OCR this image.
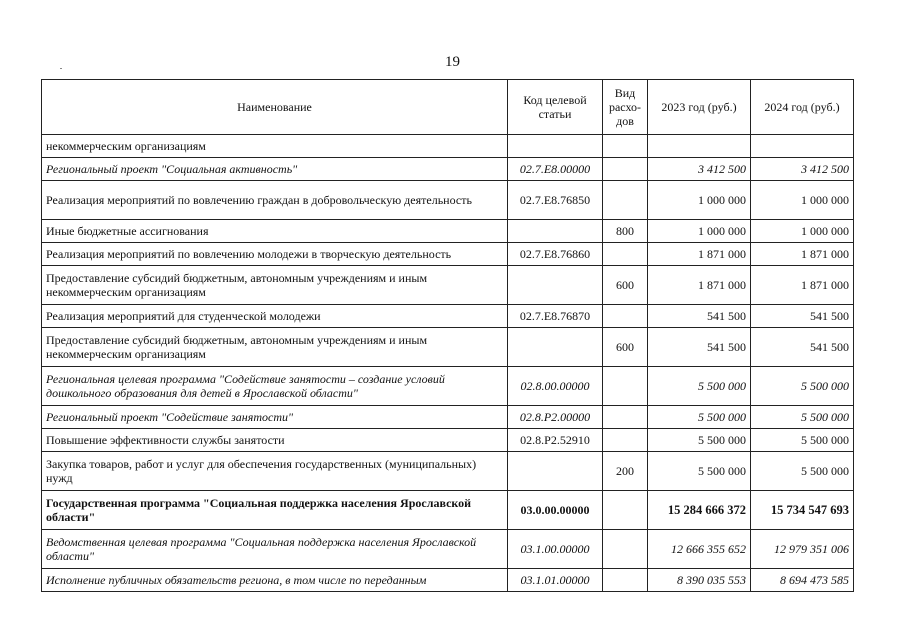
19
Наименование	Код целевой статьи	Вид расхо-дов	2023 год (руб.)	2024 год (руб.)
некоммерческим организациям				
Региональный проект "Социальная активность"	02.7.E8.00000		3 412 500	3 412 500
Реализация мероприятий по вовлечению граждан в добровольческую деятельность	02.7.E8.76850		1 000 000	1 000 000
Иные бюджетные ассигнования		800	1 000 000	1 000 000
Реализация мероприятий по вовлечению молодежи в творческую деятельность	02.7.E8.76860		1 871 000	1 871 000
Предоставление субсидий бюджетным, автономным учреждениям и иным некоммерческим организациям		600	1 871 000	1 871 000
Реализация мероприятий для студенческой молодежи	02.7.E8.76870		541 500	541 500
Предоставление субсидий бюджетным, автономным учреждениям и иным некоммерческим организациям		600	541 500	541 500
Региональная целевая программа "Содействие занятости – создание условий дошкольного образования для детей в Ярославской области"	02.8.00.00000		5 500 000	5 500 000
Региональный проект "Содействие занятости"	02.8.P2.00000		5 500 000	5 500 000
Повышение эффективности службы занятости	02.8.P2.52910		5 500 000	5 500 000
Закупка товаров, работ и услуг для обеспечения государственных (муниципальных) нужд		200	5 500 000	5 500 000
Государственная программа "Социальная поддержка населения Ярославской области"	03.0.00.00000		15 284 666 372	15 734 547 693
Ведомственная целевая программа "Социальная поддержка населения Ярославской области"	03.1.00.00000		12 666 355 652	12 979 351 006
Исполнение публичных обязательств региона, в том числе по переданным	03.1.01.00000		8 390 035 553	8 694 473 585
